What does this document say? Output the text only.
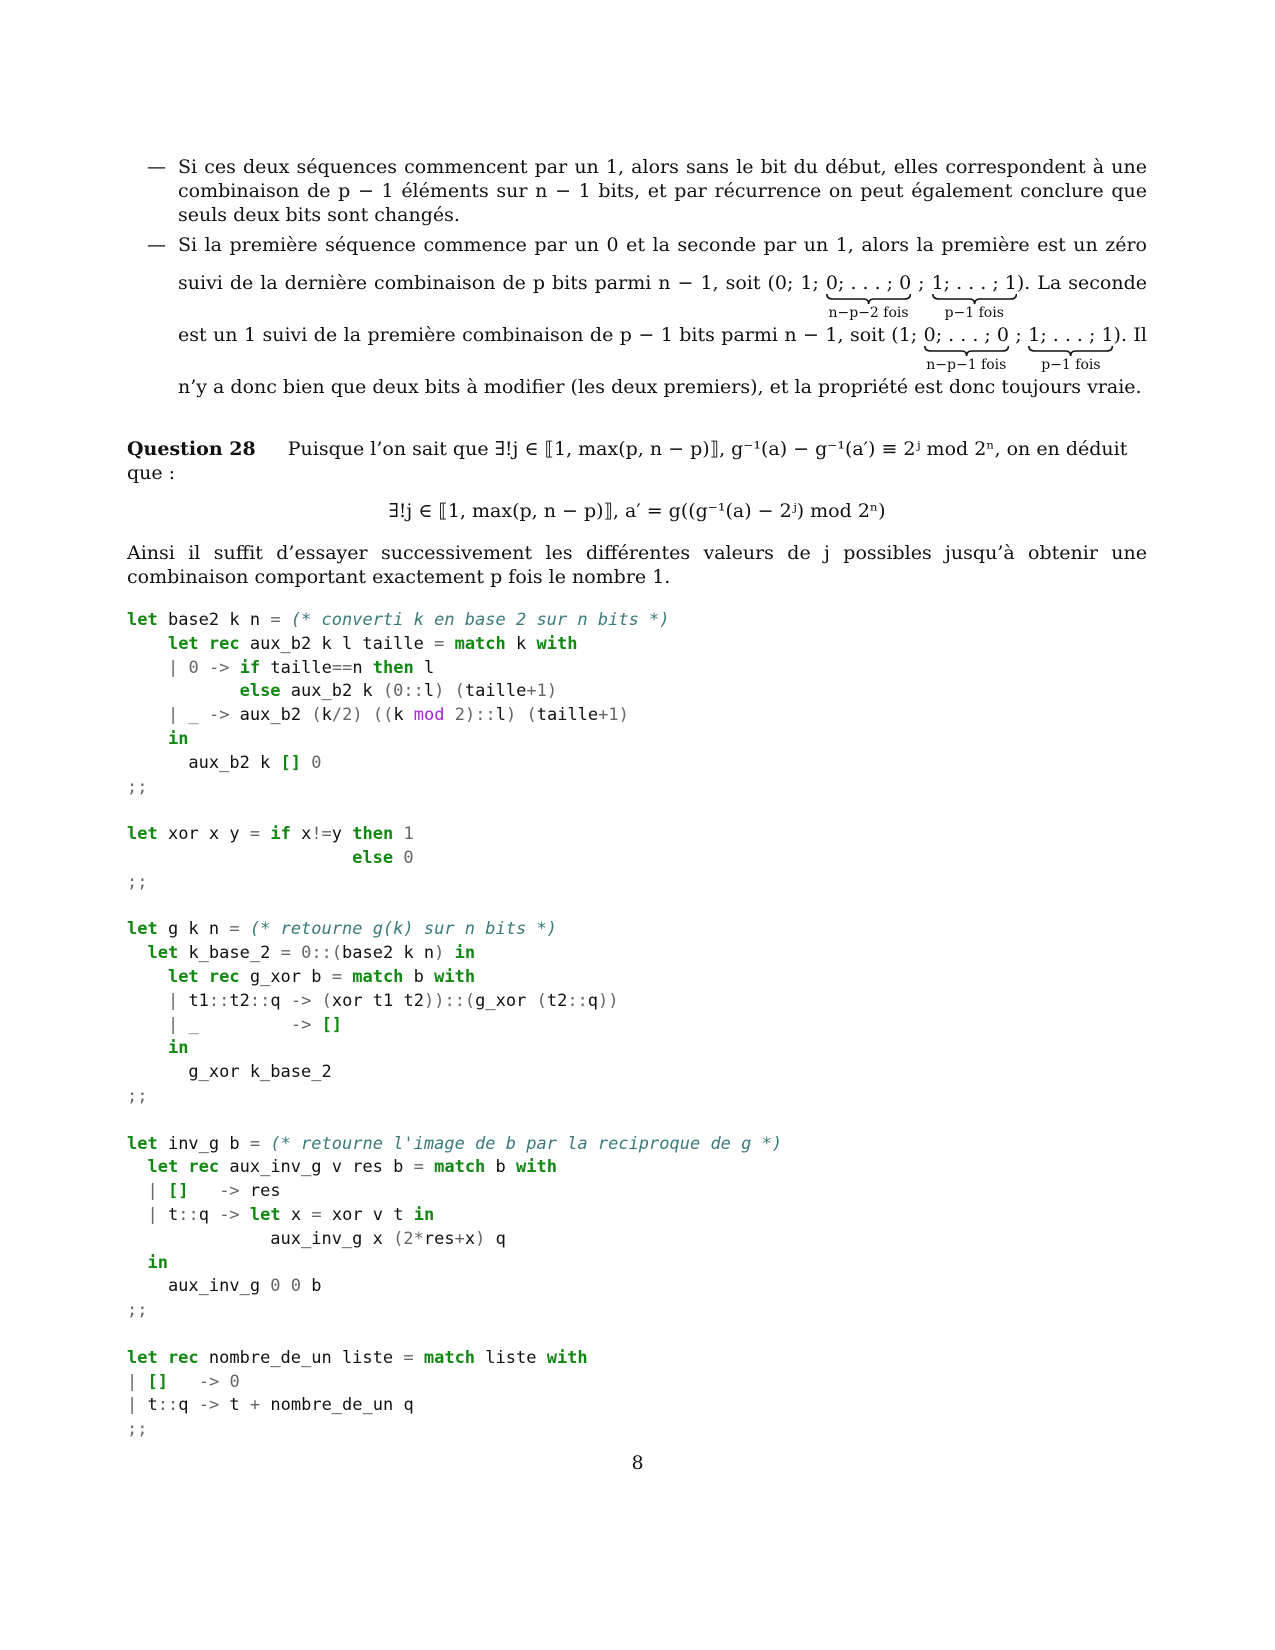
— Si ces deux séquences commencent par un 1, alors sans le bit du début, elles correspondent à une combinaison de p − 1 éléments sur n − 1 bits, et par récurrence on peut également conclure que seuls deux bits sont changés.
— Si la première séquence commence par un 0 et la seconde par un 1, alors la première est un zéro suivi de la dernière combinaison de p bits parmi n − 1, soit (0; 1; 0; . . . ; 0
n−p−2 fois
; 1; . . . ; 1
p−1 fois
). La seconde est un 1 suivi de la première combinaison de p − 1 bits parmi n − 1, soit (1; 0; . . . ; 0
n−p−1 fois
; 1; . . . ; 1
p−1 fois
). Il n’y a donc bien que deux bits à modifier (les deux premiers), et la propriété est donc toujours vraie.
Question 28 Puisque l’on sait que ∃!j ∈ ⟦1, max(p, n − p)⟧, g⁻¹(a) − g⁻¹(a′) ≡ 2ʲ mod 2ⁿ, on en déduit que :
∃!j ∈ ⟦1, max(p, n − p)⟧, a′ = g((g⁻¹(a) − 2ʲ) mod 2ⁿ)
Ainsi il suffit d’essayer successivement les différentes valeurs de j possibles jusqu’à obtenir une combinaison comportant exactement p fois le nombre 1.
let base2 k n = (* converti k en base 2 sur n bits *)
let rec aux_b2 k l taille = match k with
| 0 -> if taille==n then l
else aux_b2 k (0::l) (taille+1)
| _ -> aux_b2 (k/2) ((k mod 2)::l) (taille+1)
in
aux_b2 k [] 0
;;
let xor x y = if x!=y then 1
else 0
;;
let g k n = (* retourne g(k) sur n bits *)
let k_base_2 = 0::(base2 k n) in
let rec g_xor b = match b with
| t1::t2::q -> (xor t1 t2))::(g_xor (t2::q))
| _	-> []
in
g_xor k_base_2
;;
let inv_g b = (* retourne l'image de b par la reciproque de g *)
let rec aux_inv_g v res b = match b with
| [] -> res
| t::q -> let x = xor v t in
aux_inv_g x (2*res+x) q
in
aux_inv_g 0 0 b
;;
let rec nombre_de_un liste = match liste with
| [] -> 0
| t::q -> t + nombre_de_un q
;;
8
